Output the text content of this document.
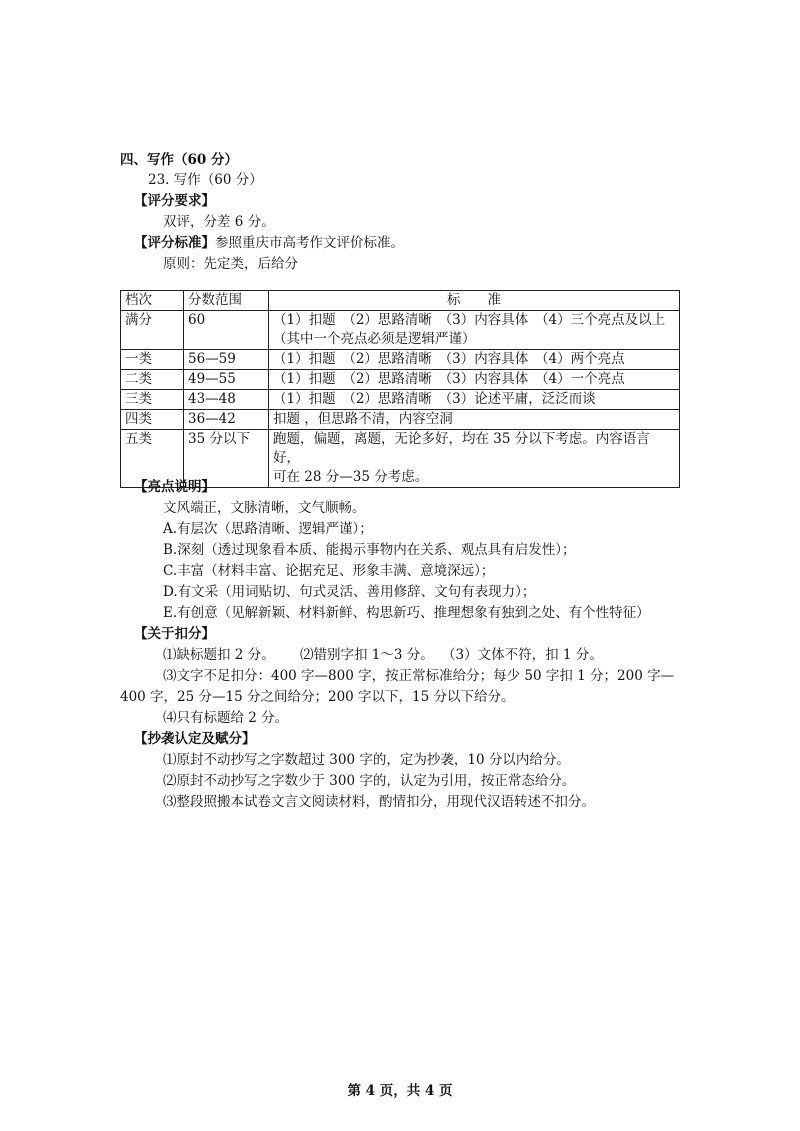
四、写作（60 分）
23. 写作（60 分）
【评分要求】
双评，分差 6 分。
【评分标准】参照重庆市高考作文评价标准。
原则：先定类，后给分
档次	分数范围	标　　准
满分	60	（1）扣题　（2）思路清晰　（3）内容具体　（4）三个亮点及以上
（其中一个亮点必须是逻辑严谨）

一类	56—59	（1）扣题　（2）思路清晰　（3）内容具体　（4）两个亮点
二类	49—55	（1）扣题　（2）思路清晰　（3）内容具体　（4）一个亮点
三类	43—48	（1）扣题　（2）思路清晰　（3）论述平庸，泛泛而谈
四类	36—42	扣题 ，但思路不清，内容空洞
五类	35 分以下	跑题，偏题，离题，无论多好，均在 35 分以下考虑。内容语言好，
可在 28 分—35 分考虑。
【亮点说明】
文风端正，文脉清晰，文气顺畅。
A.有层次（思路清晰、逻辑严谨）；
B.深刻（透过现象看本质、能揭示事物内在关系、观点具有启发性）；
C.丰富（材料丰富、论据充足、形象丰满、意境深远）；
D.有文采（用词贴切、句式灵活、善用修辞、文句有表现力）；
E.有创意（见解新颖、材料新鲜、构思新巧、推理想象有独到之处、有个性特征）
【关于扣分】
⑴缺标题扣 2 分。 ⑵错别字扣 1～3 分。 （3）文体不符，扣 1 分。
⑶文字不足扣分：400 字—800 字，按正常标准给分；每少 50 字扣 1 分；200 字—
400 字，25 分—15 分之间给分；200 字以下，15 分以下给分。
⑷只有标题给 2 分。
【抄袭认定及赋分】
⑴原封不动抄写之字数超过 300 字的，定为抄袭，10 分以内给分。
⑵原封不动抄写之字数少于 300 字的，认定为引用，按正常态给分。
⑶整段照搬本试卷文言文阅读材料，酌情扣分，用现代汉语转述不扣分。
第 4 页，共 4 页
